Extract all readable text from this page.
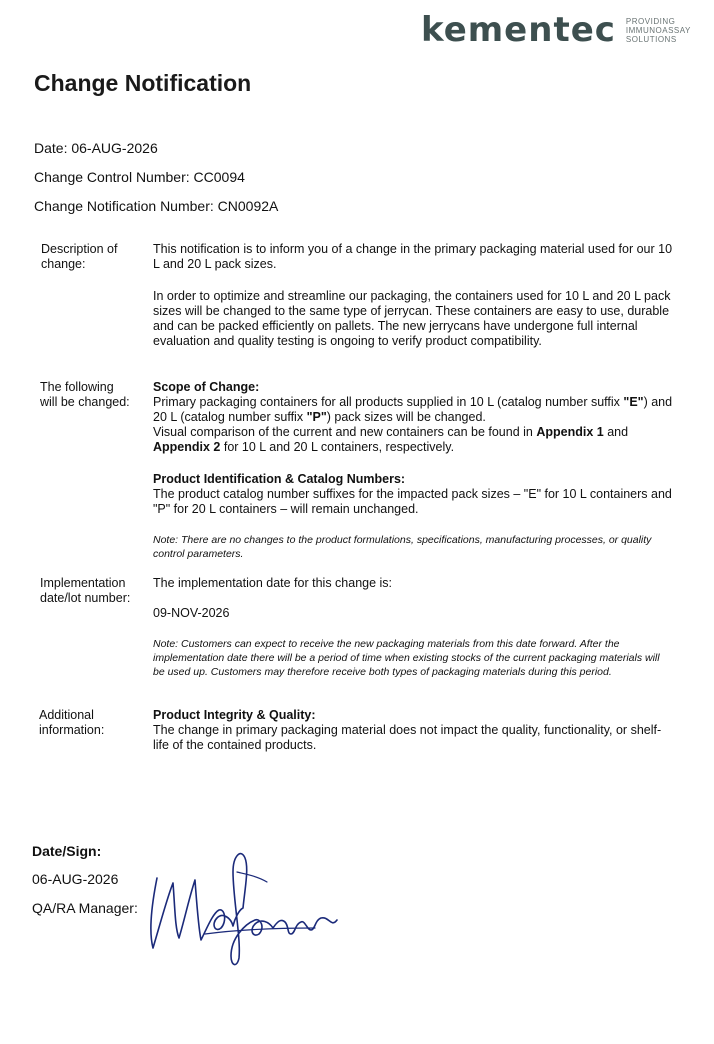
kementec PROVIDING
IMMUNOASSAY
SOLUTIONS
Change Notification
Date: 06-AUG-2026
Change Control Number: CC0094
Change Notification Number: CN0092A
Description of
change:

This notification is to inform you of a change in the primary packaging material used for our 10 L and 20 L pack sizes.

In order to optimize and streamline our packaging, the containers used for 10 L and 20 L pack sizes will be changed to the same type of jerrycan. These containers are easy to use, durable and can be packed efficiently on pallets. The new jerrycans have undergone full internal evaluation and quality testing is ongoing to verify product compatibility.

The following
will be changed:

Scope of Change:

Primary packaging containers for all products supplied in 10 L (catalog number suffix "E") and 20 L (catalog number suffix "P") pack sizes will be changed.

Visual comparison of the current and new containers can be found in Appendix 1 and Appendix 2 for 10 L and 20 L containers, respectively.

Product Identification & Catalog Numbers:

The product catalog number suffixes for the impacted pack sizes – "E" for 10 L containers and "P" for 20 L containers – will remain unchanged.

Note: There are no changes to the product formulations, specifications, manufacturing processes, or quality control parameters.
Implementation
date/lot number:
The implementation date for this change is:
09-NOV-2026
Note: Customers can expect to receive the new packaging materials from this date forward. After the implementation date there will be a period of time when existing stocks of the current packaging materials will be used up. Customers may therefore receive both types of packaging materials during this period.
Additional
information:

Product Integrity & Quality:

The change in primary packaging material does not impact the quality, functionality, or shelf-life of the contained products.

Date/Sign:
06-AUG-2026
QA/RA Manager:
